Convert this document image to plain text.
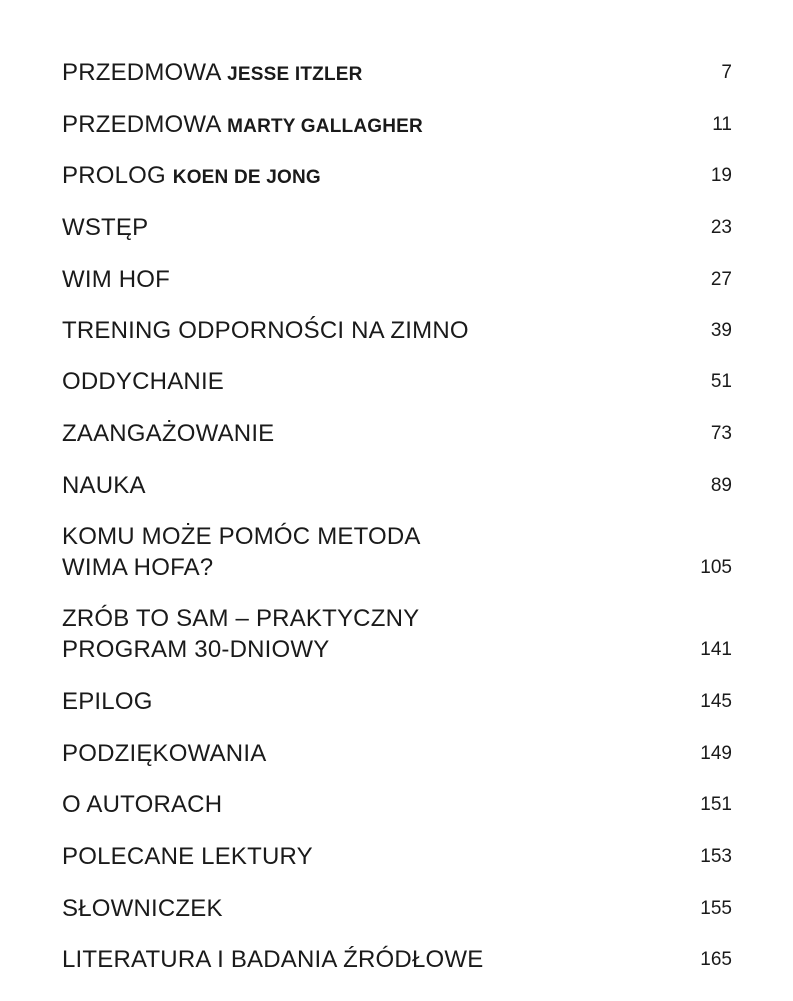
PRZEDMOWA JESSE ITZLER	7
PRZEDMOWA MARTY GALLAGHER	11
PROLOG KOEN DE JONG	19
WSTĘP	23
WIM HOF	27
TRENING ODPORNOŚCI NA ZIMNO	39
ODDYCHANIE	51
ZAANGAŻOWANIE	73
NAUKA	89
KOMU MOŻE POMÓC METODA
WIMA HOFA?	105
ZRÓB TO SAM – PRAKTYCZNY
PROGRAM 30-DNIOWY	141
EPILOG	145
PODZIĘKOWANIA	149
O AUTORACH	151
POLECANE LEKTURY	153
SŁOWNICZEK	155
LITERATURA I BADANIA ŹRÓDŁOWE	165
